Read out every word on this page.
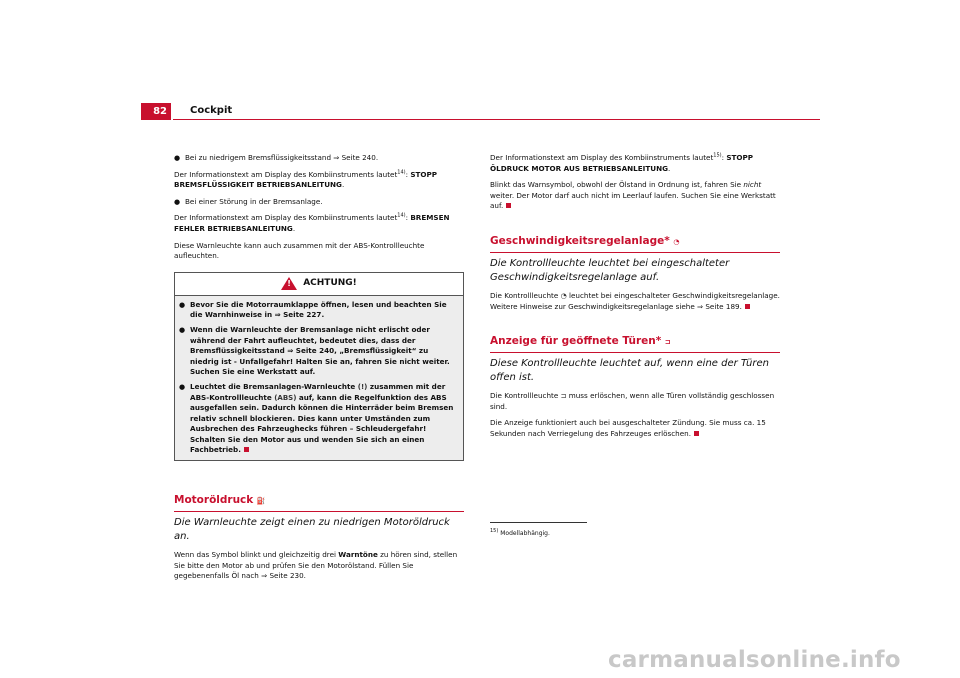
82	Cockpit

● Bei zu niedrigem Bremsflüssigkeitsstand ⇒ Seite 240.

Der Informationstext am Display des Kombiinstruments lautet$^{14)}$: STOPP BREMSFLÜSSIGKEIT BETRIEBSANLEITUNG.

● Bei einer Störung in der Bremsanlage.

Der Informationstext am Display des Kombiinstruments lautet$^{14)}$: BREMSEN FEHLER BETRIEBSANLEITUNG.

Diese Warnleuchte kann auch zusammen mit der ABS-Kontrollleuchte aufleuchten.

!
ACHTUNG!
● Bevor Sie die Motorraumklappe öffnen, lesen und beachten Sie die Warnhinweise in ⇒ Seite 227.
● Wenn die Warnleuchte der Bremsanlage nicht erlischt oder während der Fahrt aufleuchtet, bedeutet dies, dass der Bremsflüssigkeitsstand ⇒ Seite 240, „Bremsflüssigkeit“ zu niedrig ist - Unfallgefahr! Halten Sie an, fahren Sie nicht weiter. Suchen Sie eine Werkstatt auf.
● Leuchtet die Bremsanlagen-Warnleuchte (!) zusammen mit der ABS-Kontrollleuchte (ABS) auf, kann die Regelfunktion des ABS ausgefallen sein. Dadurch können die Hinterräder beim Bremsen relativ schnell blockieren. Dies kann unter Umständen zum Ausbrechen des Fahrzeughecks führen – Schleudergefahr! Schalten Sie den Motor aus und wenden Sie sich an einen Fachbetrieb.
Motoröldruck ⛽
Die Warnleuchte zeigt einen zu niedrigen Motoröldruck an.

Wenn das Symbol blinkt und gleichzeitig drei Warntöne zu hören sind, stellen Sie bitte den Motor ab und prüfen Sie den Motorölstand. Füllen Sie gegebenenfalls Öl nach ⇒ Seite 230.

Der Informationstext am Display des Kombiinstruments lautet$^{15)}$: STOPP ÖLDRUCK MOTOR AUS BETRIEBSANLEITUNG.

Blinkt das Warnsymbol, obwohl der Ölstand in Ordnung ist, fahren Sie nicht weiter. Der Motor darf auch nicht im Leerlauf laufen. Suchen Sie eine Werkstatt auf.

Geschwindigkeitsregelanlage* ◔
Die Kontrollleuchte leuchtet bei eingeschalteter Geschwindigkeitsregelanlage auf.

Die Kontrollleuchte ◔ leuchtet bei eingeschalteter Geschwindigkeitsregelanlage. Weitere Hinweise zur Geschwindigkeitsregelanlage siehe ⇒ Seite 189.

Anzeige für geöffnete Türen* ⊐
Diese Kontrollleuchte leuchtet auf, wenn eine der Türen offen ist.

Die Kontrollleuchte ⊐ muss erlöschen, wenn alle Türen vollständig geschlossen sind.

Die Anzeige funktioniert auch bei ausgeschalteter Zündung. Sie muss ca. 15 Sekunden nach Verriegelung des Fahrzeuges erlöschen.

$^{15)}$ Modellabhängig.
carmanualsonline.info
